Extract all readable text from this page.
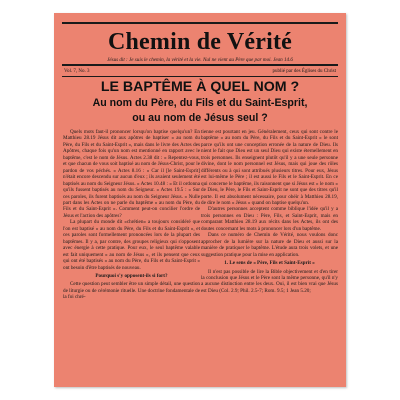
Chemin de Vérité
Jésus dit : Je suis le chemin, la vérité et la vie. Nul ne vient au Père que par moi. Jean 14.6
Vol. 7, No. 3	publié par des Églises du Christ
LE BAPTÊME À QUEL NOM ?
Au nom du Père, du Fils et du Saint-Esprit,
ou au nom de Jésus seul ?

Quels mots faut-il prononcer lorsqu'on baptise quelqu'un? En Matthieu 28.19 Jésus dit aux apôtres de baptiser « au nom du Père, du Fils et du Saint-Esprit », mais dans le livre des Actes des Apôtres, chaque fois qu'un nom est mentionné en rapport avec le baptême, c'est le nom de Jésus. Actes 2.38 dit : « Repentez-vous, et que chacun de vous soit baptisé au nom de Jésus-Christ, pour le pardon de vos péchés. » Actes 8.16 : « Car il [le Saint-Esprit] n'était encore descendu sur aucun d'eux ; ils avaient seulement été baptisés au nom du Seigneur Jésus. » Actes 10.48 : « Et il ordonna qu'ils fussent baptisés au nom du Seigneur. » Actes 19.5 : « Sur ces paroles, ils furent baptisés au nom du Seigneur Jésus. » Nulle part dans les Actes on ne parle du baptême « au nom du Père, du Fils et du Saint-Esprit ». Comment peut-on concilier l'ordre de Jésus et l'action des apôtres?

La plupart du monde dit «chrétien» a toujours considéré que l'on est baptisé « au nom du Père, du Fils et du Saint-Esprit », et ces paroles sont formellement prononcées lors de la plupart des baptêmes. Il y a, par contre, des groupes religieux qui s'opposent avec énergie à cette pratique. Pour eux, le seul baptême valable est fait uniquement « au nom de Jésus », et ils pensent que ceux qui ont été baptisés « au nom du Père, du Fils et du Saint-Esprit » ont besoin d'être baptisés de nouveau.

Pourquoi s'y opposent-ils si fort?

Cette question peut sembler être un simple détail, une question de liturgie ou de cérémonie rituelle. Une doctrine fondamentale de la foi chré-

tienne est pourtant en jeu. Généralement, ceux qui sont contre le baptême « au nom du Père, du Fils et du Saint-Esprit » le sont parce qu'ils ont une conception erronée de la nature de Dieu. Ils nient le fait que Dieu est un seul Dieu qui existe éternellement en trois personnes. Ils enseignent plutôt qu'il y a une seule personne divine, dont le nom personnel est Jésus, mais qui joue des rôles différents ou à qui sont attribués plusieurs titres. Pour eux, Jésus est lui-même le Père ; il est aussi le Fils et le Saint-Esprit. En ce qui concerne le baptême, ils raisonnent que si Jésus est « le nom » de Dieu, le Père, le Fils et Saint-Esprit ne sont que des titres qu'il porte. Il est absolument nécessaire, pour obéir à Matthieu 28.19, de dire le nom « Jésus » quand on baptise quelqu'un.

D'autres personnes acceptent comme biblique l'idée qu'il y a trois personnes en Dieu : Père, Fils, et Saint-Esprit, mais en comparant Matthieu 28.19 aux récits dans les Actes, ils ont des doutes concernant les mots à prononcer lors d'un baptême.

Dans ce numéro de Chemin de Vérité, nous voulons donc approcher de la lumière sur la nature de Dieu et aussi sur la manière de pratiquer le baptême. L'étude aura trois volets, et une suggestion pratique pour la mise en application.

1. Le sens de « Père, Fils et Saint-Esprit »

Il n'est pas possible de lire la Bible objectivement et d'en tirer la conclusion que Jésus et le Père sont la même personne, qu'il n'y a aucune distinction entre les deux. Oui, il est bien vrai que Jésus est Dieu (Col. 2.9; Phil. 2.5-7; Rom. 9.5; 1 Jean 5.20;
